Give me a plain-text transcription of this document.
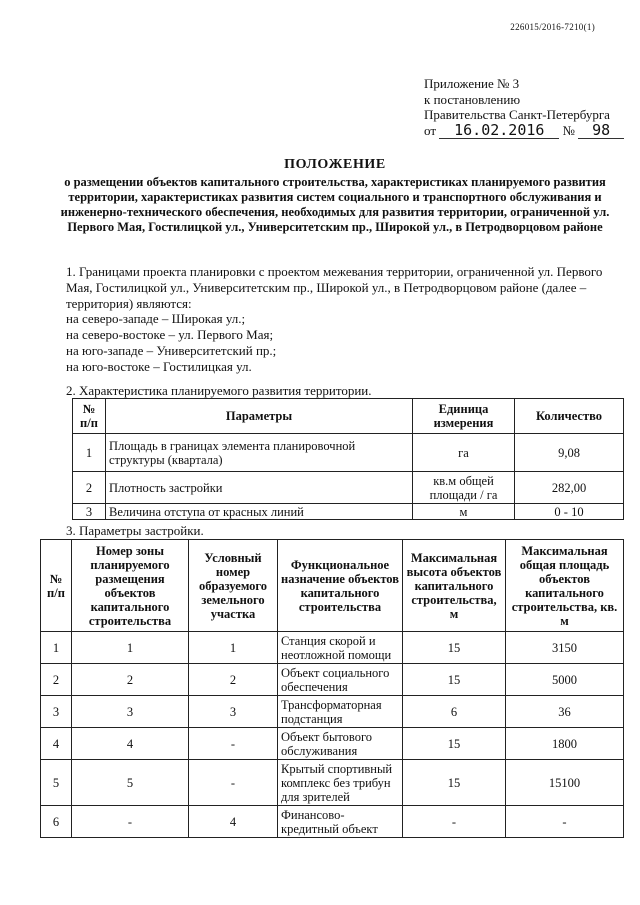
226015/2016-7210(1)
Приложение № 3
к постановлению
Правительства Санкт-Петербурга
от 16.02.2016 № 98
ПОЛОЖЕНИЕ
о размещении объектов капитального строительства, характеристиках планируемого развития территории, характеристиках развития систем социального и транспортного обслуживания и инженерно-технического обеспечения, необходимых для развития территории, ограниченной ул. Первого Мая, Гостилицкой ул., Университетским пр., Широкой ул., в Петродворцовом районе
1. Границами проекта планировки с проектом межевания территории, ограниченной ул. Первого Мая, Гостилицкой ул., Университетским пр., Широкой ул., в Петродворцовом районе (далее – территория) являются:
на северо-западе – Широкая ул.;
на северо-востоке – ул. Первого Мая;
на юго-западе – Университетский пр.;
на юго-востоке – Гостилицкая ул.
2. Характеристика планируемого развития территории.
№ п/п	Параметры	Единица измерения	Количество
1	Площадь в границах элемента планировочной структуры (квартала)	га	9,08
2	Плотность застройки	кв.м общей площади / га	282,00
3	Величина отступа от красных линий	м	0 - 10
3. Параметры застройки.
№ п/п	Номер зоны планируемого размещения объектов капитального строительства	Условный номер образуемого земельного участка	Функциональное назначение объектов капитального строительства	Максимальная высота объектов капитального строительства, м	Максимальная общая площадь объектов капитального строительства, кв. м
1	1	1	Станция скорой и неотложной помощи	15	3150
2	2	2	Объект социального обеспечения	15	5000
3	3	3	Трансформаторная подстанция	6	36
4	4	-	Объект бытового обслуживания	15	1800
5	5	-	Крытый спортивный комплекс без трибун для зрителей	15	15100
6	-	4	Финансово-кредитный объект	-	-
